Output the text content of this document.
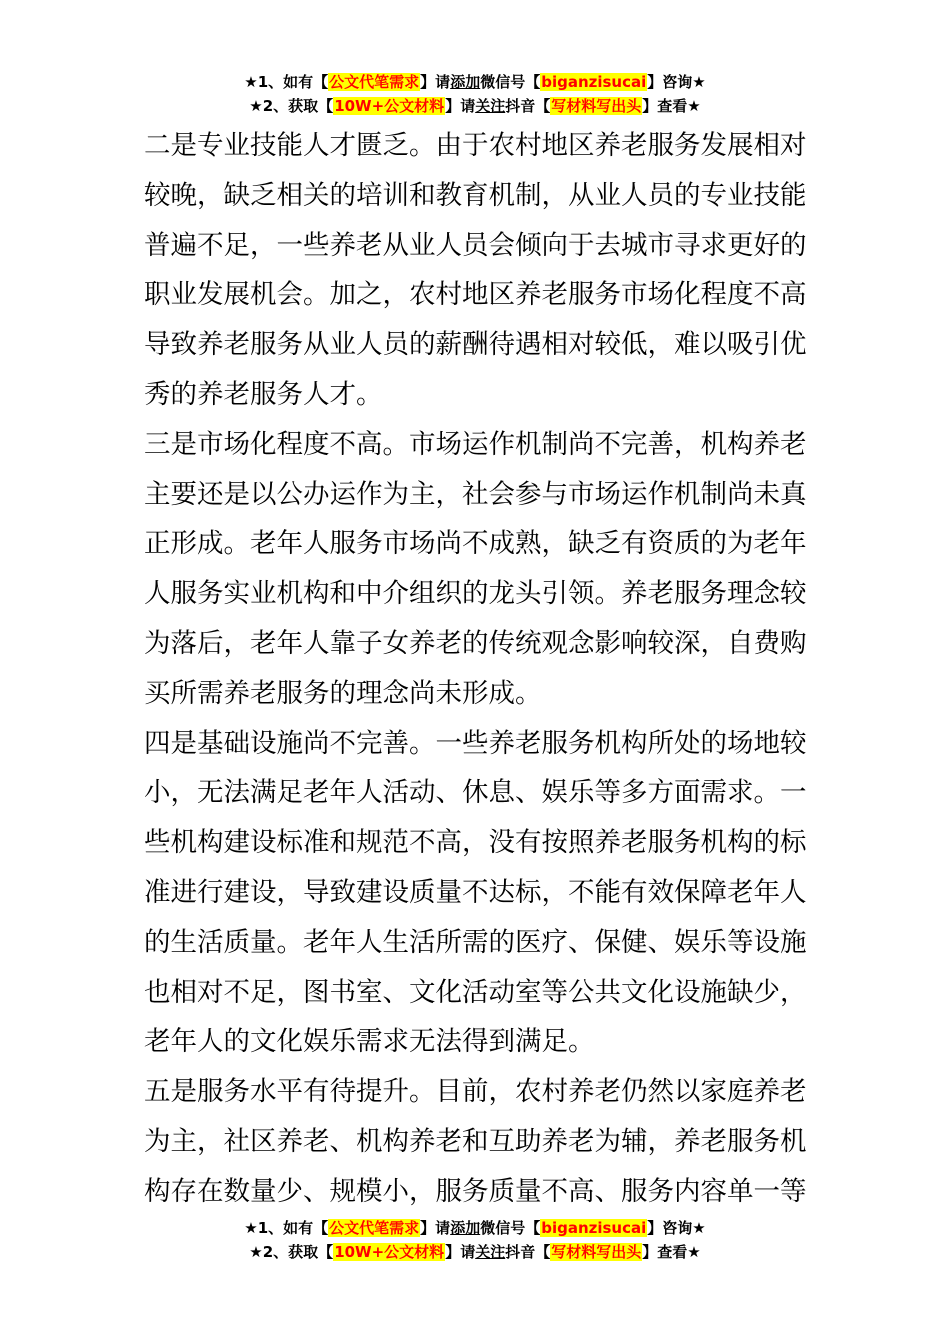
★1、如有【公文代笔需求】请添加微信号【biganzisucai】咨询★
★2、获取【10W+公文材料】请关注抖音【写材料写出头】查看★
二是专业技能人才匮乏。由于农村地区养老服务发展相对
较晚，缺乏相关的培训和教育机制，从业人员的专业技能
普遍不足，一些养老从业人员会倾向于去城市寻求更好的
职业发展机会。加之，农村地区养老服务市场化程度不高
导致养老服务从业人员的薪酬待遇相对较低，难以吸引优
秀的养老服务人才。
三是市场化程度不高。市场运作机制尚不完善，机构养老
主要还是以公办运作为主，社会参与市场运作机制尚未真
正形成。老年人服务市场尚不成熟，缺乏有资质的为老年
人服务实业机构和中介组织的龙头引领。养老服务理念较
为落后，老年人靠子女养老的传统观念影响较深，自费购
买所需养老服务的理念尚未形成。
四是基础设施尚不完善。一些养老服务机构所处的场地较
小，无法满足老年人活动、休息、娱乐等多方面需求。一
些机构建设标准和规范不高，没有按照养老服务机构的标
准进行建设，导致建设质量不达标，不能有效保障老年人
的生活质量。老年人生活所需的医疗、保健、娱乐等设施
也相对不足，图书室、文化活动室等公共文化设施缺少，
老年人的文化娱乐需求无法得到满足。
五是服务水平有待提升。目前，农村养老仍然以家庭养老
为主，社区养老、机构养老和互助养老为辅，养老服务机
构存在数量少、规模小，服务质量不高、服务内容单一等
★1、如有【公文代笔需求】请添加微信号【biganzisucai】咨询★
★2、获取【10W+公文材料】请关注抖音【写材料写出头】查看★
